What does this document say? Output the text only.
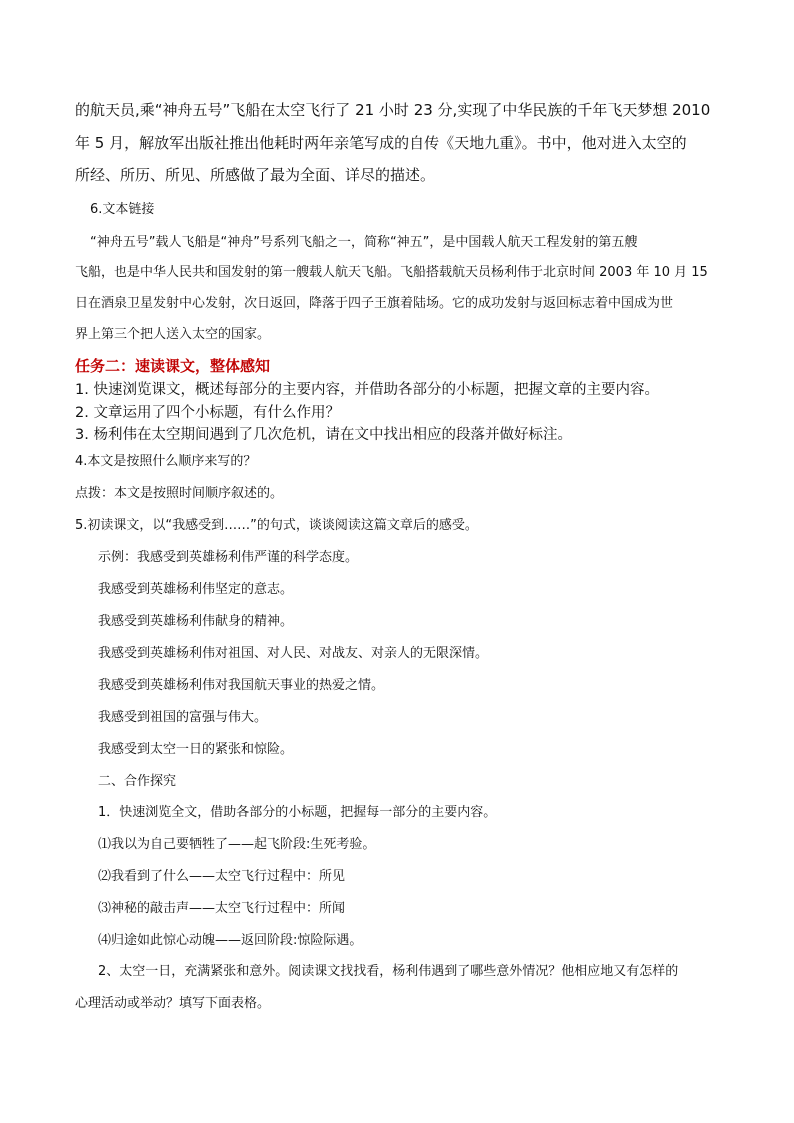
的航天员,乘“神舟五号”飞船在太空飞行了 21 小时 23 分,实现了中华民族的千年飞天梦想 2010
年 5 月，解放军出版社推出他耗时两年亲笔写成的自传《天地九重》。书中，他对进入太空的
所经、所历、所见、所感做了最为全面、详尽的描述。
6.文本链接
“神舟五号”载人飞船是“神舟”号系列飞船之一，简称“神五”，是中国载人航天工程发射的第五艘
飞船，也是中华人民共和国发射的第一艘载人航天飞船。飞船搭载航天员杨利伟于北京时间 2003 年 10 月 15
日在酒泉卫星发射中心发射，次日返回，降落于四子王旗着陆场。它的成功发射与返回标志着中国成为世
界上第三个把人送入太空的国家。
任务二：速读课文，整体感知
1. 快速浏览课文，概述每部分的主要内容，并借助各部分的小标题，把握文章的主要内容。
2. 文章运用了四个小标题，有什么作用？
3. 杨利伟在太空期间遇到了几次危机，请在文中找出相应的段落并做好标注。
4.本文是按照什么顺序来写的？
点拨：本文是按照时间顺序叙述的。
5.初读课文，以“我感受到……”的句式，谈谈阅读这篇文章后的感受。
示例：我感受到英雄杨利伟严谨的科学态度。
我感受到英雄杨利伟坚定的意志。
我感受到英雄杨利伟献身的精神。
我感受到英雄杨利伟对祖国、对人民、对战友、对亲人的无限深情。
我感受到英雄杨利伟对我国航天事业的热爱之情。
我感受到祖国的富强与伟大。
我感受到太空一日的紧张和惊险。
二、合作探究
1．快速浏览全文，借助各部分的小标题，把握每一部分的主要内容。
⑴我以为自己要牺牲了——起飞阶段:生死考验。
⑵我看到了什么——太空飞行过程中：所见
⑶神秘的敲击声——太空飞行过程中：所闻
⑷归途如此惊心动魄——返回阶段:惊险际遇。
2、太空一日，充满紧张和意外。阅读课文找找看，杨利伟遇到了哪些意外情况？他相应地又有怎样的
心理活动或举动？填写下面表格。
